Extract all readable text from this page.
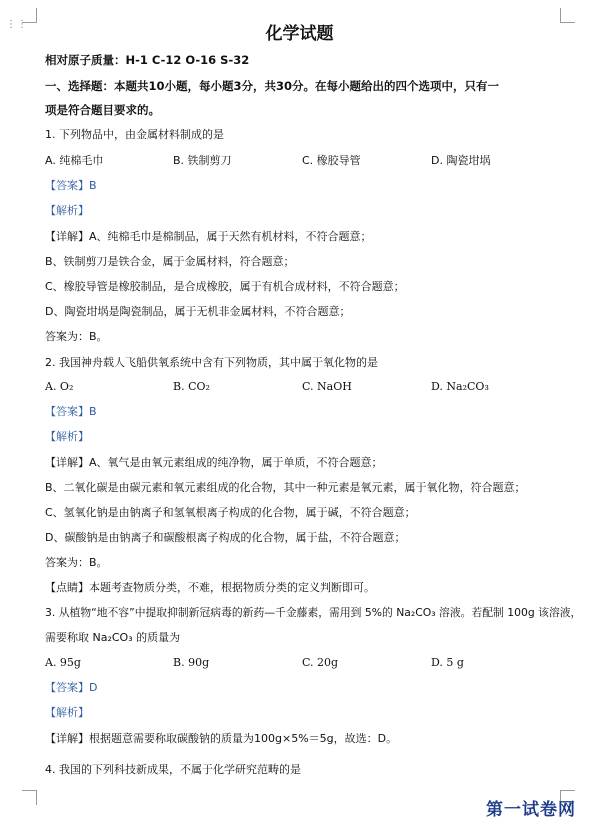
⋮⋮	化学试题
相对原子质量：H-1 C-12 O-16 S-32
一、选择题：本题共10小题，每小题3分，共30分。在每小题给出的四个选项中，只有一
项是符合题目要求的。
1. 下列物品中，由金属材料制成的是
A. 纯棉毛巾	B. 铁制剪刀	C. 橡胶导管	D. 陶瓷坩埚
【答案】B
【解析】
【详解】A、纯棉毛巾是棉制品，属于天然有机材料，不符合题意；
B、铁制剪刀是铁合金，属于金属材料，符合题意；
C、橡胶导管是橡胶制品，是合成橡胶，属于有机合成材料，不符合题意；
D、陶瓷坩埚是陶瓷制品，属于无机非金属材料，不符合题意；
答案为：B。
2. 我国神舟载人飞船供氧系统中含有下列物质，其中属于氧化物的是
A. O₂	B. CO₂	C. NaOH	D. Na₂CO₃
【答案】B
【解析】
【详解】A、氧气是由氧元素组成的纯净物，属于单质，不符合题意；
B、二氧化碳是由碳元素和氧元素组成的化合物，其中一种元素是氧元素，属于氧化物，符合题意；
C、氢氧化钠是由钠离子和氢氧根离子构成的化合物，属于碱，不符合题意；
D、碳酸钠是由钠离子和碳酸根离子构成的化合物，属于盐，不符合题意；
答案为：B。
【点睛】本题考查物质分类，不难，根据物质分类的定义判断即可。
3. 从植物“地不容”中提取抑制新冠病毒的新药—千金藤素，需用到 5%的 Na₂CO₃ 溶液。若配制 100g 该溶液，
需要称取 Na₂CO₃ 的质量为
A. 95g	B. 90g	C. 20g	D. 5 g
【答案】D
【解析】
【详解】根据题意需要称取碳酸钠的质量为100g×5%＝5g，故选：D。
4. 我国的下列科技新成果，不属于化学研究范畴的是
第一试卷网
